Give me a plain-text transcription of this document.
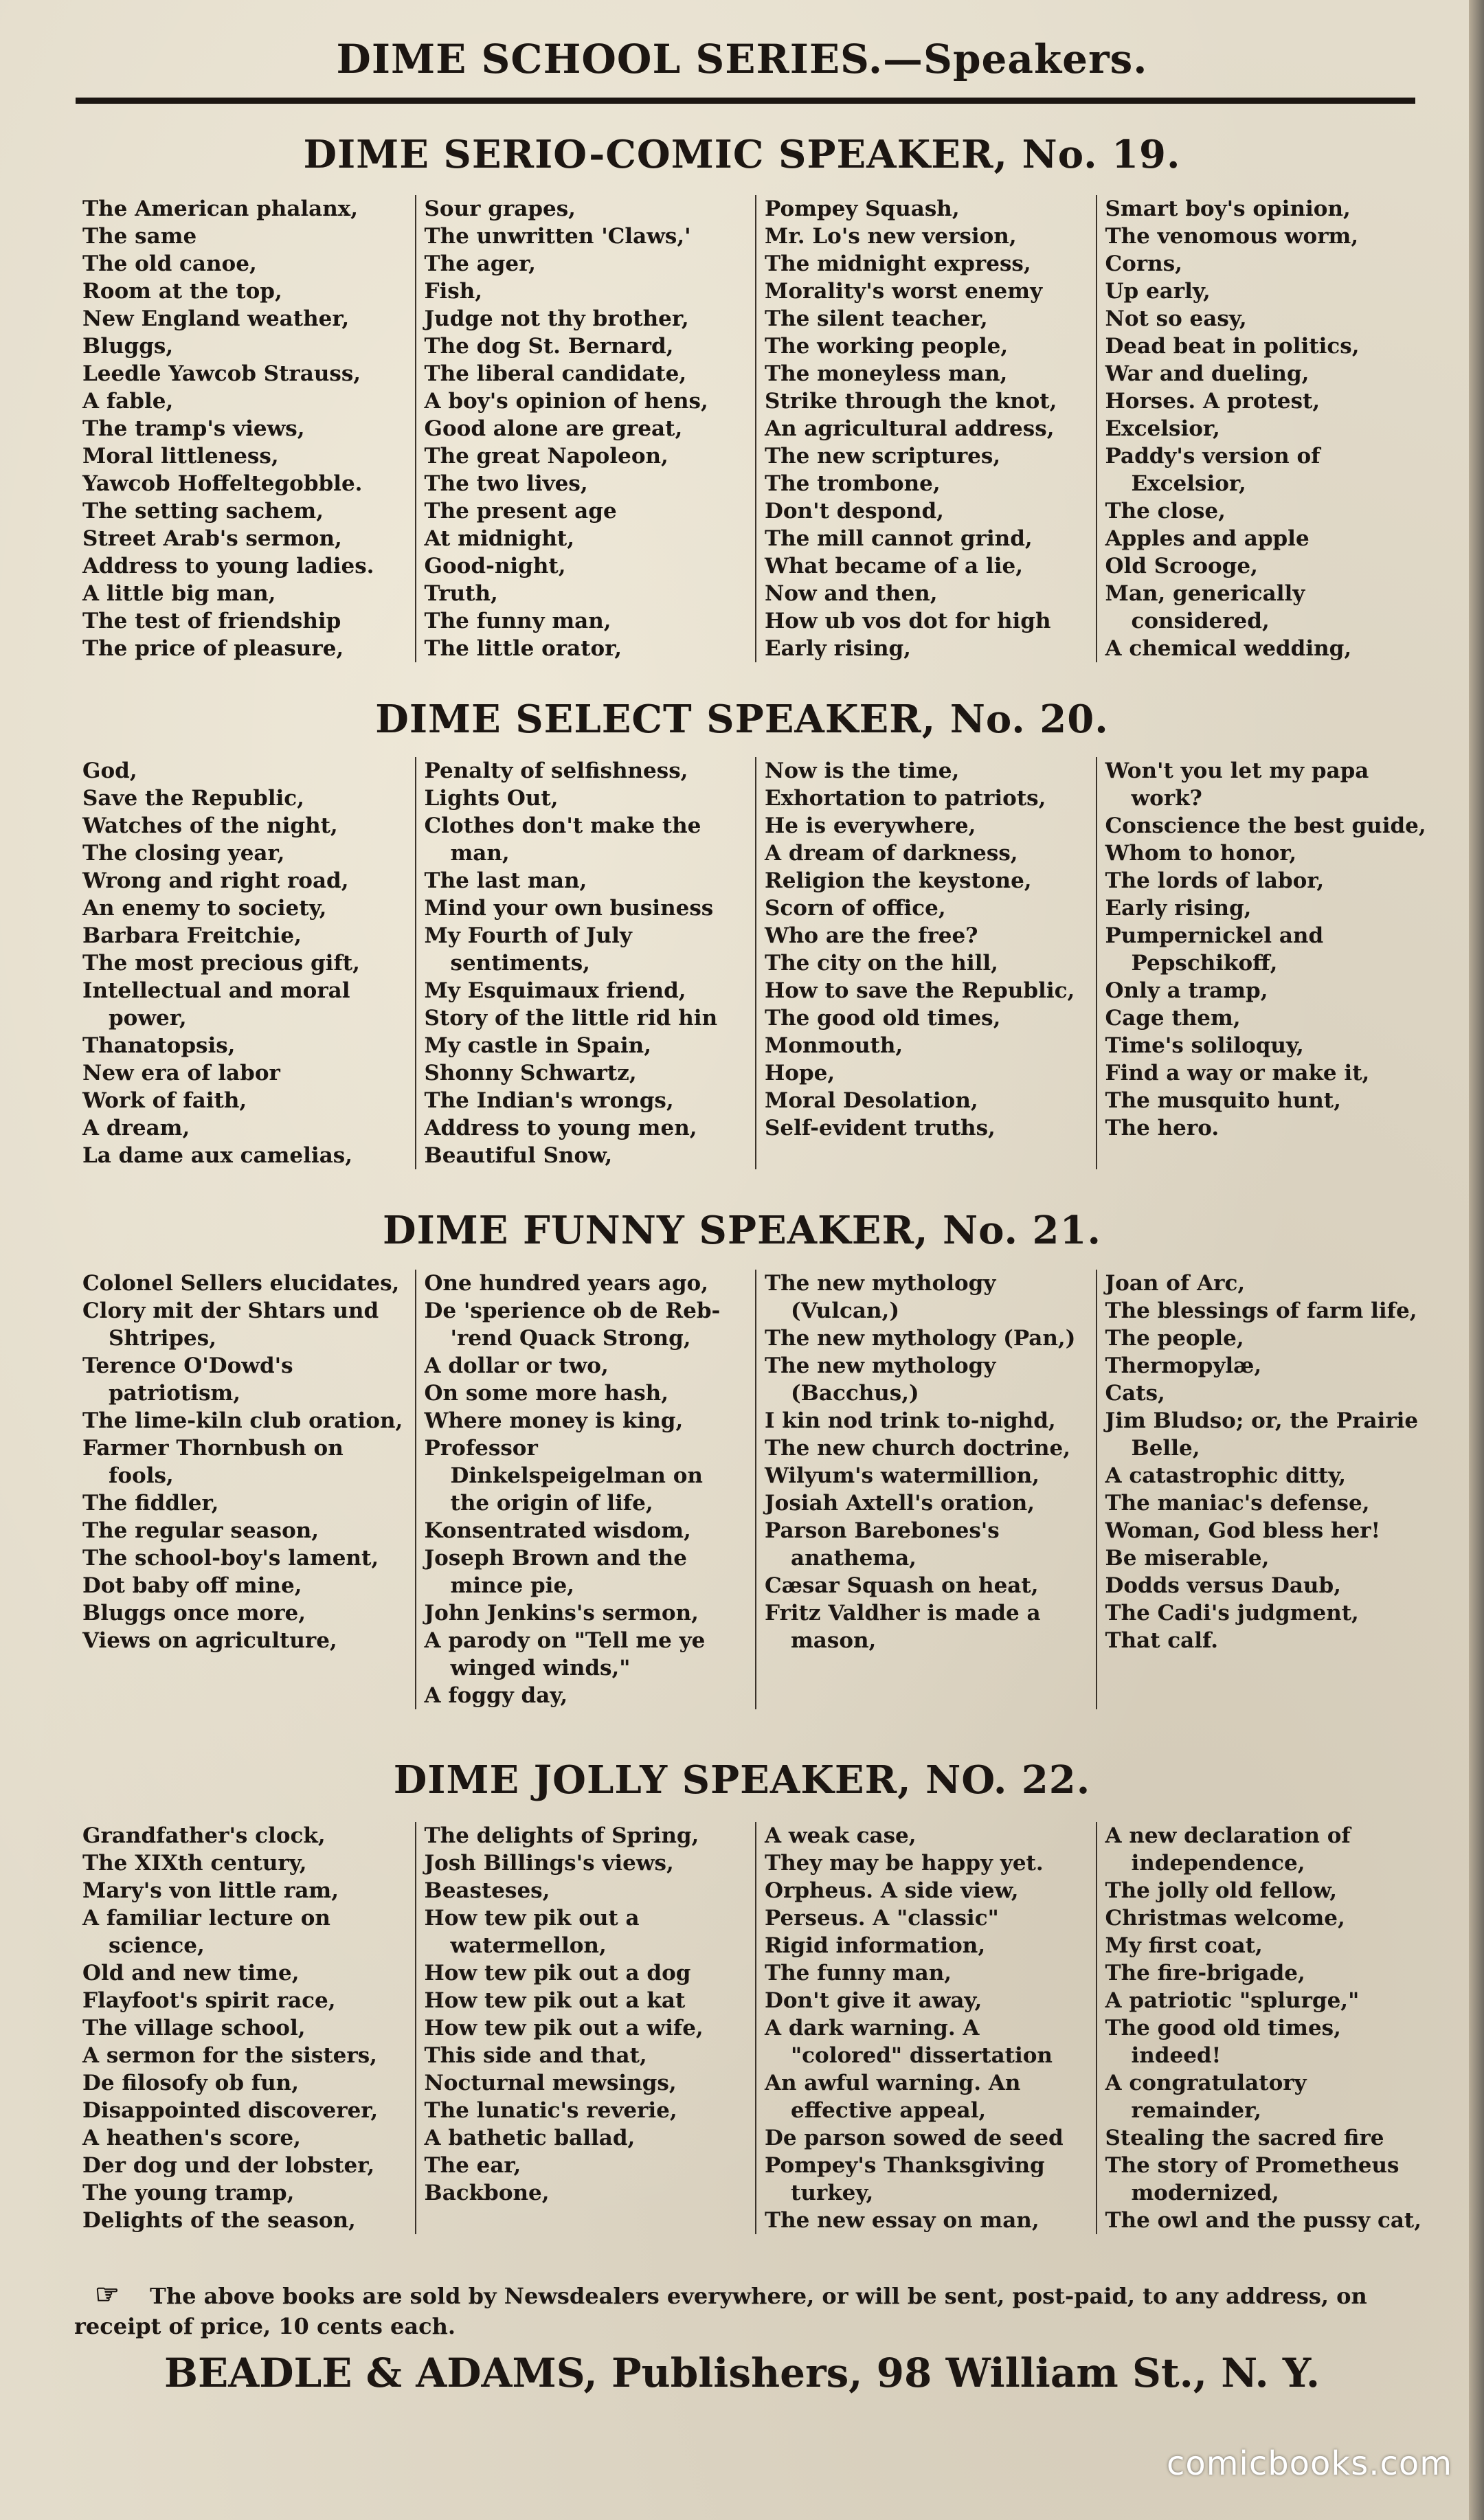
DIME SCHOOL SERIES.—Speakers.
DIME SERIO-COMIC SPEAKER, No. 19.
The American phalanx,
The same
The old canoe,
Room at the top,
New England weather,
Bluggs,
Leedle Yawcob Strauss,
A fable,
The tramp's views,
Moral littleness,
Yawcob Hoffeltegobble.
The setting sachem,
Street Arab's sermon,
Address to young ladies.
A little big man,
The test of friendship
The price of pleasure,
Sour grapes,
The unwritten 'Claws,'
The ager,
Fish,
Judge not thy brother,
The dog St. Bernard,
The liberal candidate,
A boy's opinion of hens,
Good alone are great,
The great Napoleon,
The two lives,
The present age
At midnight,
Good-night,
Truth,
The funny man,
The little orator,
Pompey Squash,
Mr. Lo's new version,
The midnight express,
Morality's worst enemy
The silent teacher,
The working people,
The moneyless man,
Strike through the knot,
An agricultural address,
The new scriptures,
The trombone,
Don't despond,
The mill cannot grind,
What became of a lie,
Now and then,
How ub vos dot for high
Early rising,
Smart boy's opinion,
The venomous worm,
Corns,
Up early,
Not so easy,
Dead beat in politics,
War and dueling,
Horses. A protest,
Excelsior,
Paddy's version of Excelsior,
The close,
Apples and apple
Old Scrooge,
Man, generically considered,
A chemical wedding,
DIME SELECT SPEAKER, No. 20.
God,
Save the Republic,
Watches of the night,
The closing year,
Wrong and right road,
An enemy to society,
Barbara Freitchie,
The most precious gift,
Intellectual and moral power,
Thanatopsis,
New era of labor
Work of faith,
A dream,
La dame aux camelias,
Penalty of selfishness,
Lights Out,
Clothes don't make the man,
The last man,
Mind your own business
My Fourth of July sentiments,
My Esquimaux friend,
Story of the little rid hin
My castle in Spain,
Shonny Schwartz,
The Indian's wrongs,
Address to young men,
Beautiful Snow,
Now is the time,
Exhortation to patriots,
He is everywhere,
A dream of darkness,
Religion the keystone,
Scorn of office,
Who are the free?
The city on the hill,
How to save the Republic,
The good old times,
Monmouth,
Hope,
Moral Desolation,
Self-evident truths,
Won't you let my papa work?
Conscience the best guide,
Whom to honor,
The lords of labor,
Early rising,
Pumpernickel and Pepschikoff,
Only a tramp,
Cage them,
Time's soliloquy,
Find a way or make it,
The musquito hunt,
The hero.
DIME FUNNY SPEAKER, No. 21.
Colonel Sellers elucidates,
Clory mit der Shtars und Shtripes,
Terence O'Dowd's patriotism,
The lime-kiln club oration,
Farmer Thornbush on fools,
The fiddler,
The regular season,
The school-boy's lament,
Dot baby off mine,
Bluggs once more,
Views on agriculture,
One hundred years ago,
De 'sperience ob de Reb-'rend Quack Strong,
A dollar or two,
On some more hash,
Where money is king,
Professor Dinkelspeigelman on the origin of life,
Konsentrated wisdom,
Joseph Brown and the mince pie,
John Jenkins's sermon,
A parody on "Tell me ye winged winds,"
A foggy day,
The new mythology (Vulcan,)
The new mythology (Pan,)
The new mythology (Bacchus,)
I kin nod trink to-nighd,
The new church doctrine,
Wilyum's watermillion,
Josiah Axtell's oration,
Parson Barebones's anathema,
Cæsar Squash on heat,
Fritz Valdher is made a mason,
Joan of Arc,
The blessings of farm life,
The people,
Thermopylæ,
Cats,
Jim Bludso; or, the Prairie Belle,
A catastrophic ditty,
The maniac's defense,
Woman, God bless her!
Be miserable,
Dodds versus Daub,
The Cadi's judgment,
That calf.
DIME JOLLY SPEAKER, NO. 22.
Grandfather's clock,
The XIXth century,
Mary's von little ram,
A familiar lecture on science,
Old and new time,
Flayfoot's spirit race,
The village school,
A sermon for the sisters,
De filosofy ob fun,
Disappointed discoverer,
A heathen's score,
Der dog und der lobster,
The young tramp,
Delights of the season,
The delights of Spring,
Josh Billings's views,
Beasteses,
How tew pik out a watermellon,
How tew pik out a dog
How tew pik out a kat
How tew pik out a wife,
This side and that,
Nocturnal mewsings,
The lunatic's reverie,
A bathetic ballad,
The ear,
Backbone,
A weak case,
They may be happy yet.
Orpheus. A side view,
Perseus. A "classic"
Rigid information,
The funny man,
Don't give it away,
A dark warning. A "colored" dissertation
An awful warning. An effective appeal,
De parson sowed de seed
Pompey's Thanksgiving turkey,
The new essay on man,
A new declaration of independence,
The jolly old fellow,
Christmas welcome,
My first coat,
The fire-brigade,
A patriotic "splurge,"
The good old times, indeed!
A congratulatory remainder,
Stealing the sacred fire
The story of Prometheus modernized,
The owl and the pussy cat,
☞ The above books are sold by Newsdealers everywhere, or will be sent, post-paid, to any address, on receipt of price, 10 cents each.
BEADLE & ADAMS, Publishers, 98 William St., N. Y.
comicbooks.com
